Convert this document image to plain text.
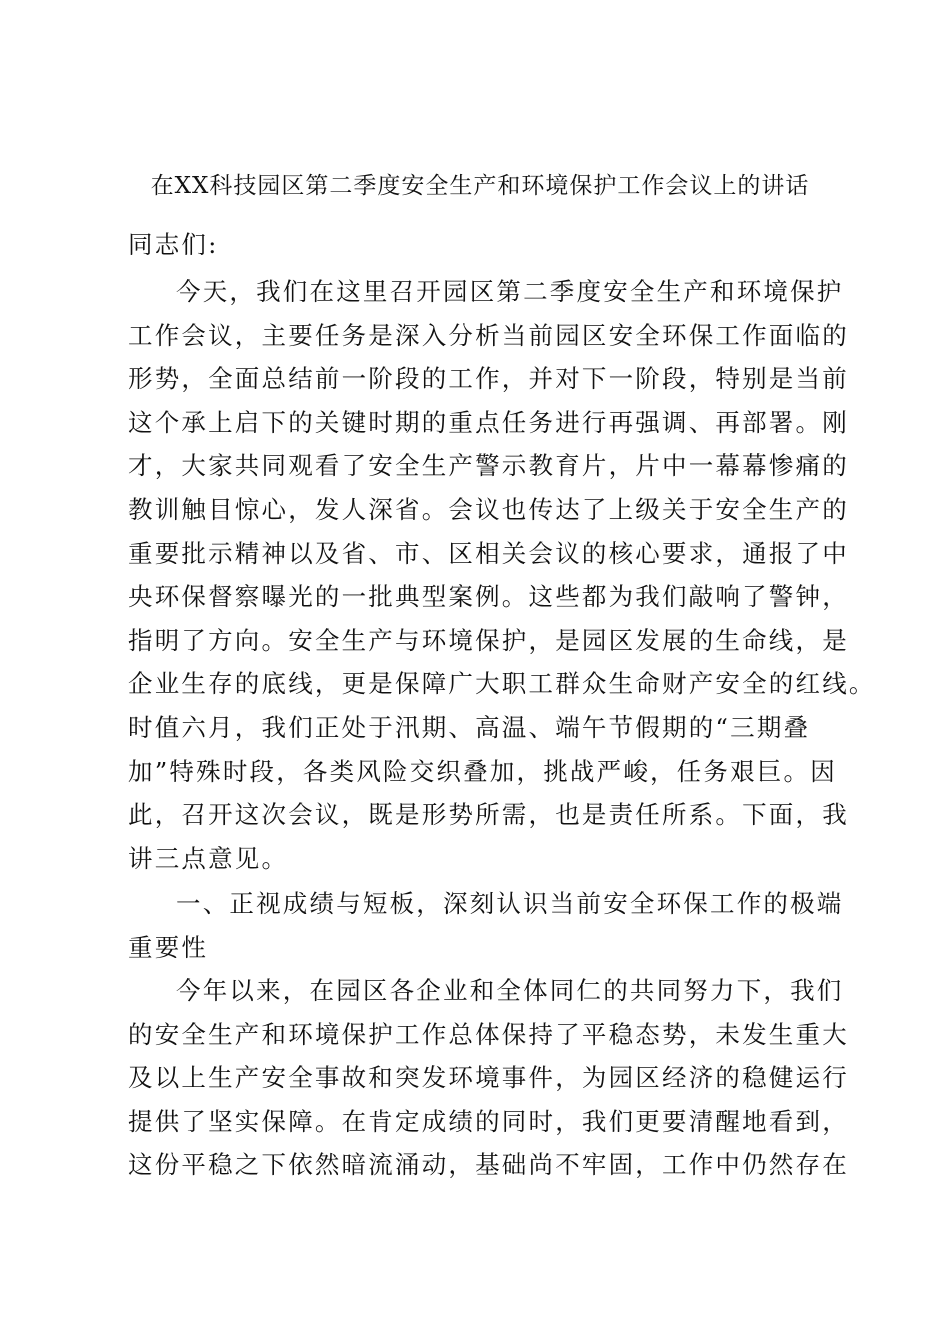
在XX科技园区第二季度安全生产和环境保护工作会议上的讲话
同志们:
今天，我们在这里召开园区第二季度安全生产和环境保护
工作会议，主要任务是深入分析当前园区安全环保工作面临的
形势，全面总结前一阶段的工作，并对下一阶段，特别是当前
这个承上启下的关键时期的重点任务进行再强调、再部署。刚
才，大家共同观看了安全生产警示教育片，片中一幕幕惨痛的
教训触目惊心，发人深省。会议也传达了上级关于安全生产的
重要批示精神以及省、市、区相关会议的核心要求，通报了中
央环保督察曝光的一批典型案例。这些都为我们敲响了警钟，
指明了方向。安全生产与环境保护，是园区发展的生命线，是
企业生存的底线，更是保障广大职工群众生命财产安全的红线。
时值六月，我们正处于汛期、高温、端午节假期的“三期叠
加”特殊时段，各类风险交织叠加，挑战严峻，任务艰巨。因
此，召开这次会议，既是形势所需，也是责任所系。下面，我
讲三点意见。
一、正视成绩与短板，深刻认识当前安全环保工作的极端
重要性
今年以来，在园区各企业和全体同仁的共同努力下，我们
的安全生产和环境保护工作总体保持了平稳态势，未发生重大
及以上生产安全事故和突发环境事件，为园区经济的稳健运行
提供了坚实保障。在肯定成绩的同时，我们更要清醒地看到，
这份平稳之下依然暗流涌动，基础尚不牢固，工作中仍然存在
